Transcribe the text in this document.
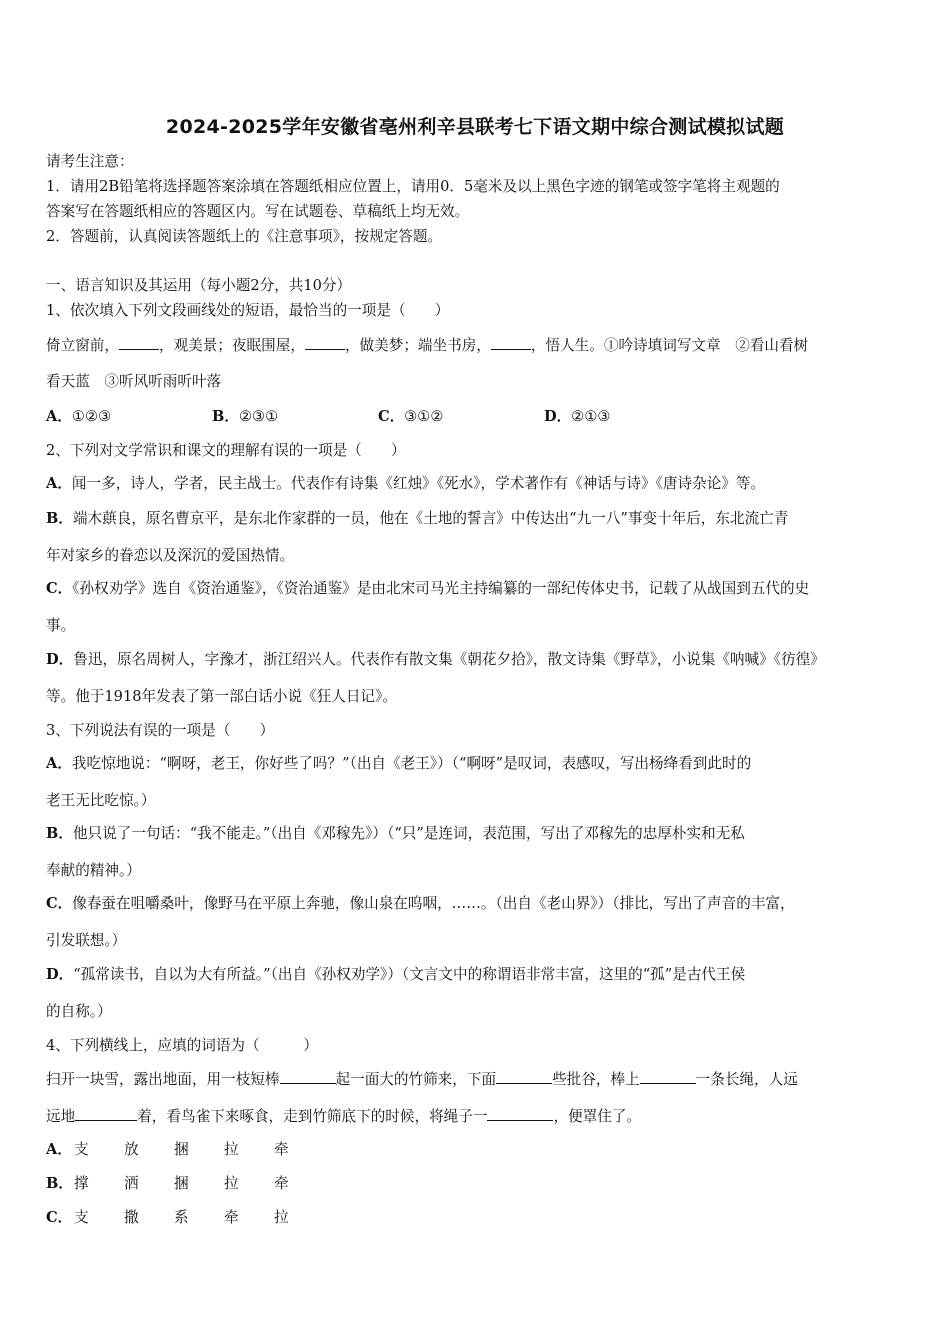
2024-2025学年安徽省亳州利辛县联考七下语文期中综合测试模拟试题
请考生注意：
1．请用2B铅笔将选择题答案涂填在答题纸相应位置上，请用0．5毫米及以上黑色字迹的钢笔或签字笔将主观题的
答案写在答题纸相应的答题区内。写在试题卷、草稿纸上均无效。
2．答题前，认真阅读答题纸上的《注意事项》，按规定答题。
一、语言知识及其运用（每小题2分，共10分）
1、依次填入下列文段画线处的短语，最恰当的一项是（　　）
倚立窗前，	，观美景；夜眠围屋，	，做美梦；端坐书房，	，悟人生。①吟诗填词写文章　②看山看树
看天蓝　③听风听雨听叶落
A．①②③	B．②③①	C．③①②	D．②①③
2、下列对文学常识和课文的理解有误的一项是（　　）
A．闻一多，诗人，学者，民主战士。代表作有诗集《红烛》《死水》，学术著作有《神话与诗》《唐诗杂论》等。
B．端木蕻良，原名曹京平，是东北作家群的一员，他在《土地的誓言》中传达出“九一八”事变十年后，东北流亡青
年对家乡的眷恋以及深沉的爱国热情。
C．《孙权劝学》选自《资治通鉴》，《资治通鉴》是由北宋司马光主持编纂的一部纪传体史书，记载了从战国到五代的史
事。
D．鲁迅，原名周树人，字豫才，浙江绍兴人。代表作有散文集《朝花夕拾》，散文诗集《野草》，小说集《呐喊》《彷徨》
等。他于1918年发表了第一部白话小说《狂人日记》。
3、下列说法有误的一项是（　　）
A．我吃惊地说：“啊呀，老王，你好些了吗？”（出自《老王》）（“啊呀”是叹词，表感叹，写出杨绛看到此时的
老王无比吃惊。）
B．他只说了一句话：“我不能走。”（出自《邓稼先》）（“只”是连词，表范围，写出了邓稼先的忠厚朴实和无私
奉献的精神。）
C．像春蚕在咀嚼桑叶，像野马在平原上奔驰，像山泉在呜咽，……。（出自《老山界》）（排比，写出了声音的丰富，
引发联想。）
D．“孤常读书，自以为大有所益。”（出自《孙权劝学》）（文言文中的称谓语非常丰富，这里的“孤”是古代王侯
的自称。）
4、下列横线上，应填的词语为（　　　）
扫开一块雪，露出地面，用一枝短棒	起一面大的竹筛来，下面	些批谷，棒上	一条长绳，人远
远地	着，看鸟雀下来啄食，走到竹筛底下的时候，将绳子一	，便罩住了。
A． 支 放 捆 拉 牵
B．撑 洒 捆 拉 牵
C． 支 撒 系 牵 拉
